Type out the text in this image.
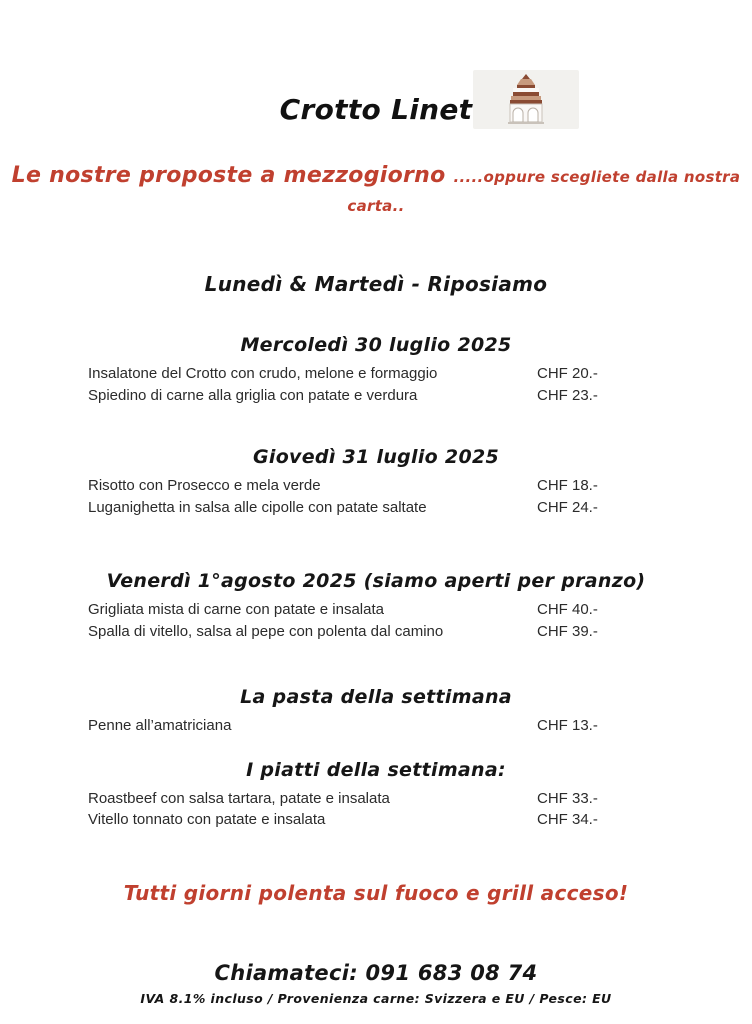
Crotto Linet
Le nostre proposte a mezzogiorno .....oppure scegliete dalla nostra carta..
Lunedì & Martedì - Riposiamo
Mercoledì 30 luglio 2025
Insalatone del Crotto con crudo, melone e formaggio	CHF 20.-
Spiedino di carne alla griglia con patate e verdura	CHF 23.-
Giovedì 31 luglio 2025
Risotto con Prosecco e mela verde	CHF 18.-
Luganighetta in salsa alle cipolle con patate saltate	CHF 24.-
Venerdì 1°agosto 2025 (siamo aperti per pranzo)
Grigliata mista di carne con patate e insalata	CHF 40.-
Spalla di vitello, salsa al pepe con polenta dal camino	CHF 39.-
La pasta della settimana
Penne all’amatriciana	CHF 13.-
I piatti della settimana:
Roastbeef con salsa tartara, patate e insalata	CHF 33.-
Vitello tonnato con patate e insalata	CHF 34.-
Tutti giorni polenta sul fuoco e grill acceso!
Chiamateci: 091 683 08 74
IVA 8.1% incluso / Provenienza carne: Svizzera e EU / Pesce: EU
